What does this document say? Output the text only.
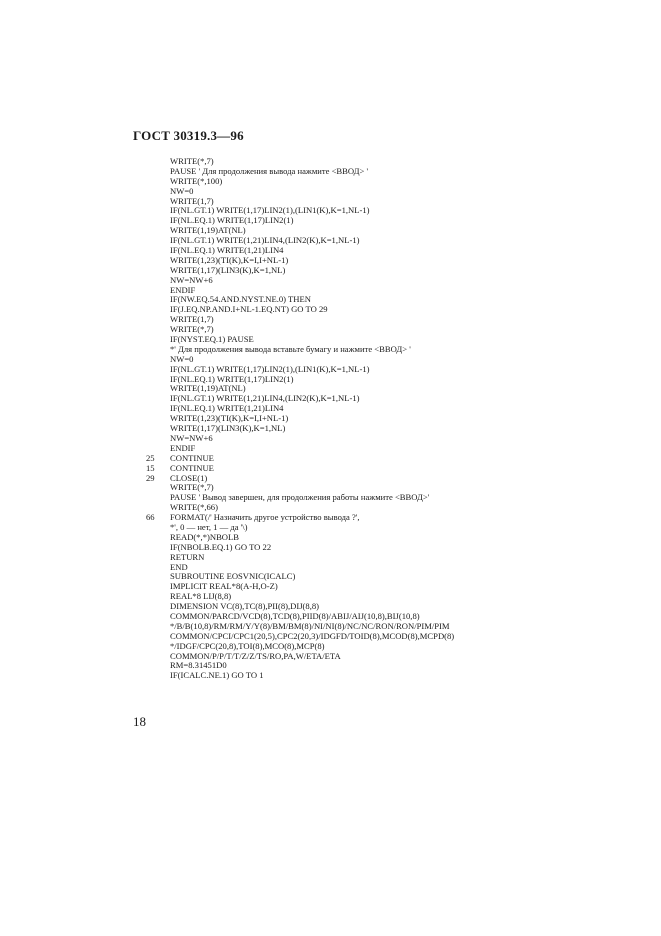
ГОСТ 30319.3—96
WRITE(*,7)
PAUSE ' Для продолжения вывода нажмите <ВВОД> '
WRITE(*,100)
NW=0
WRITE(1,7)
IF(NL.GT.1) WRITE(1,17)LIN2(1),(LIN1(K),K=1,NL-1)
IF(NL.EQ.1) WRITE(1,17)LIN2(1)
WRITE(1,19)AT(NL)
IF(NL.GT.1) WRITE(1,21)LIN4,(LIN2(K),K=1,NL-1)
IF(NL.EQ.1) WRITE(1,21)LIN4
WRITE(1,23)(TI(K),K=I,I+NL-1)
WRITE(1,17)(LIN3(K),K=1,NL)
NW=NW+6
ENDIF
IF(NW.EQ.54.AND.NYST.NE.0) THEN
IF(J.EQ.NP.AND.I+NL-1.EQ.NT) GO TO 29
WRITE(1,7)
WRITE(*,7)
IF(NYST.EQ.1) PAUSE
*' Для продолжения вывода вставьте бумагу и нажмите <ВВОД> '
NW=0
IF(NL.GT.1) WRITE(1,17)LIN2(1),(LIN1(K),K=1,NL-1)
IF(NL.EQ.1) WRITE(1,17)LIN2(1)
WRITE(1,19)AT(NL)
IF(NL.GT.1) WRITE(1,21)LIN4,(LIN2(K),K=1,NL-1)
IF(NL.EQ.1) WRITE(1,21)LIN4
WRITE(1,23)(TI(K),K=I,I+NL-1)
WRITE(1,17)(LIN3(K),K=1,NL)
NW=NW+6
ENDIF
25	CONTINUE
15	CONTINUE
29	CLOSE(1)
WRITE(*,7)
PAUSE ' Вывод завершен, для продолжения работы нажмите <ВВОД>'
WRITE(*,66)
66	FORMAT(/' Назначить другое устройство вывода ?',
*', 0 — нет, 1 — да '\)
READ(*,*)NBOLB
IF(NBOLB.EQ.1) GO TO 22
RETURN
END
SUBROUTINE EOSVNIC(ICALC)
IMPLICIT REAL*8(A-H,O-Z)
REAL*8 LIJ(8,8)
DIMENSION VC(8),TC(8),PII(8),DIJ(8,8)
COMMON/PARCD/VCD(8),TCD(8),PIID(8)/ABIJ/AIJ(10,8),BIJ(10,8)
*/B/B(10,8)/RM/RM/Y/Y(8)/BM/BM(8)/NI/NI(8)/NC/NC/RON/RON/PIM/PIM
COMMON/CPCI/CPC1(20,5),CPC2(20,3)/IDGFD/TOID(8),MCOD(8),MCPD(8)
*/IDGF/CPC(20,8),TOI(8),MCO(8),MCP(8)
COMMON/P/P/T/T/Z/Z/TS/RO,PA,W/ETA/ETA
RM=8.31451D0
IF(ICALC.NE.1) GO TO 1
18
